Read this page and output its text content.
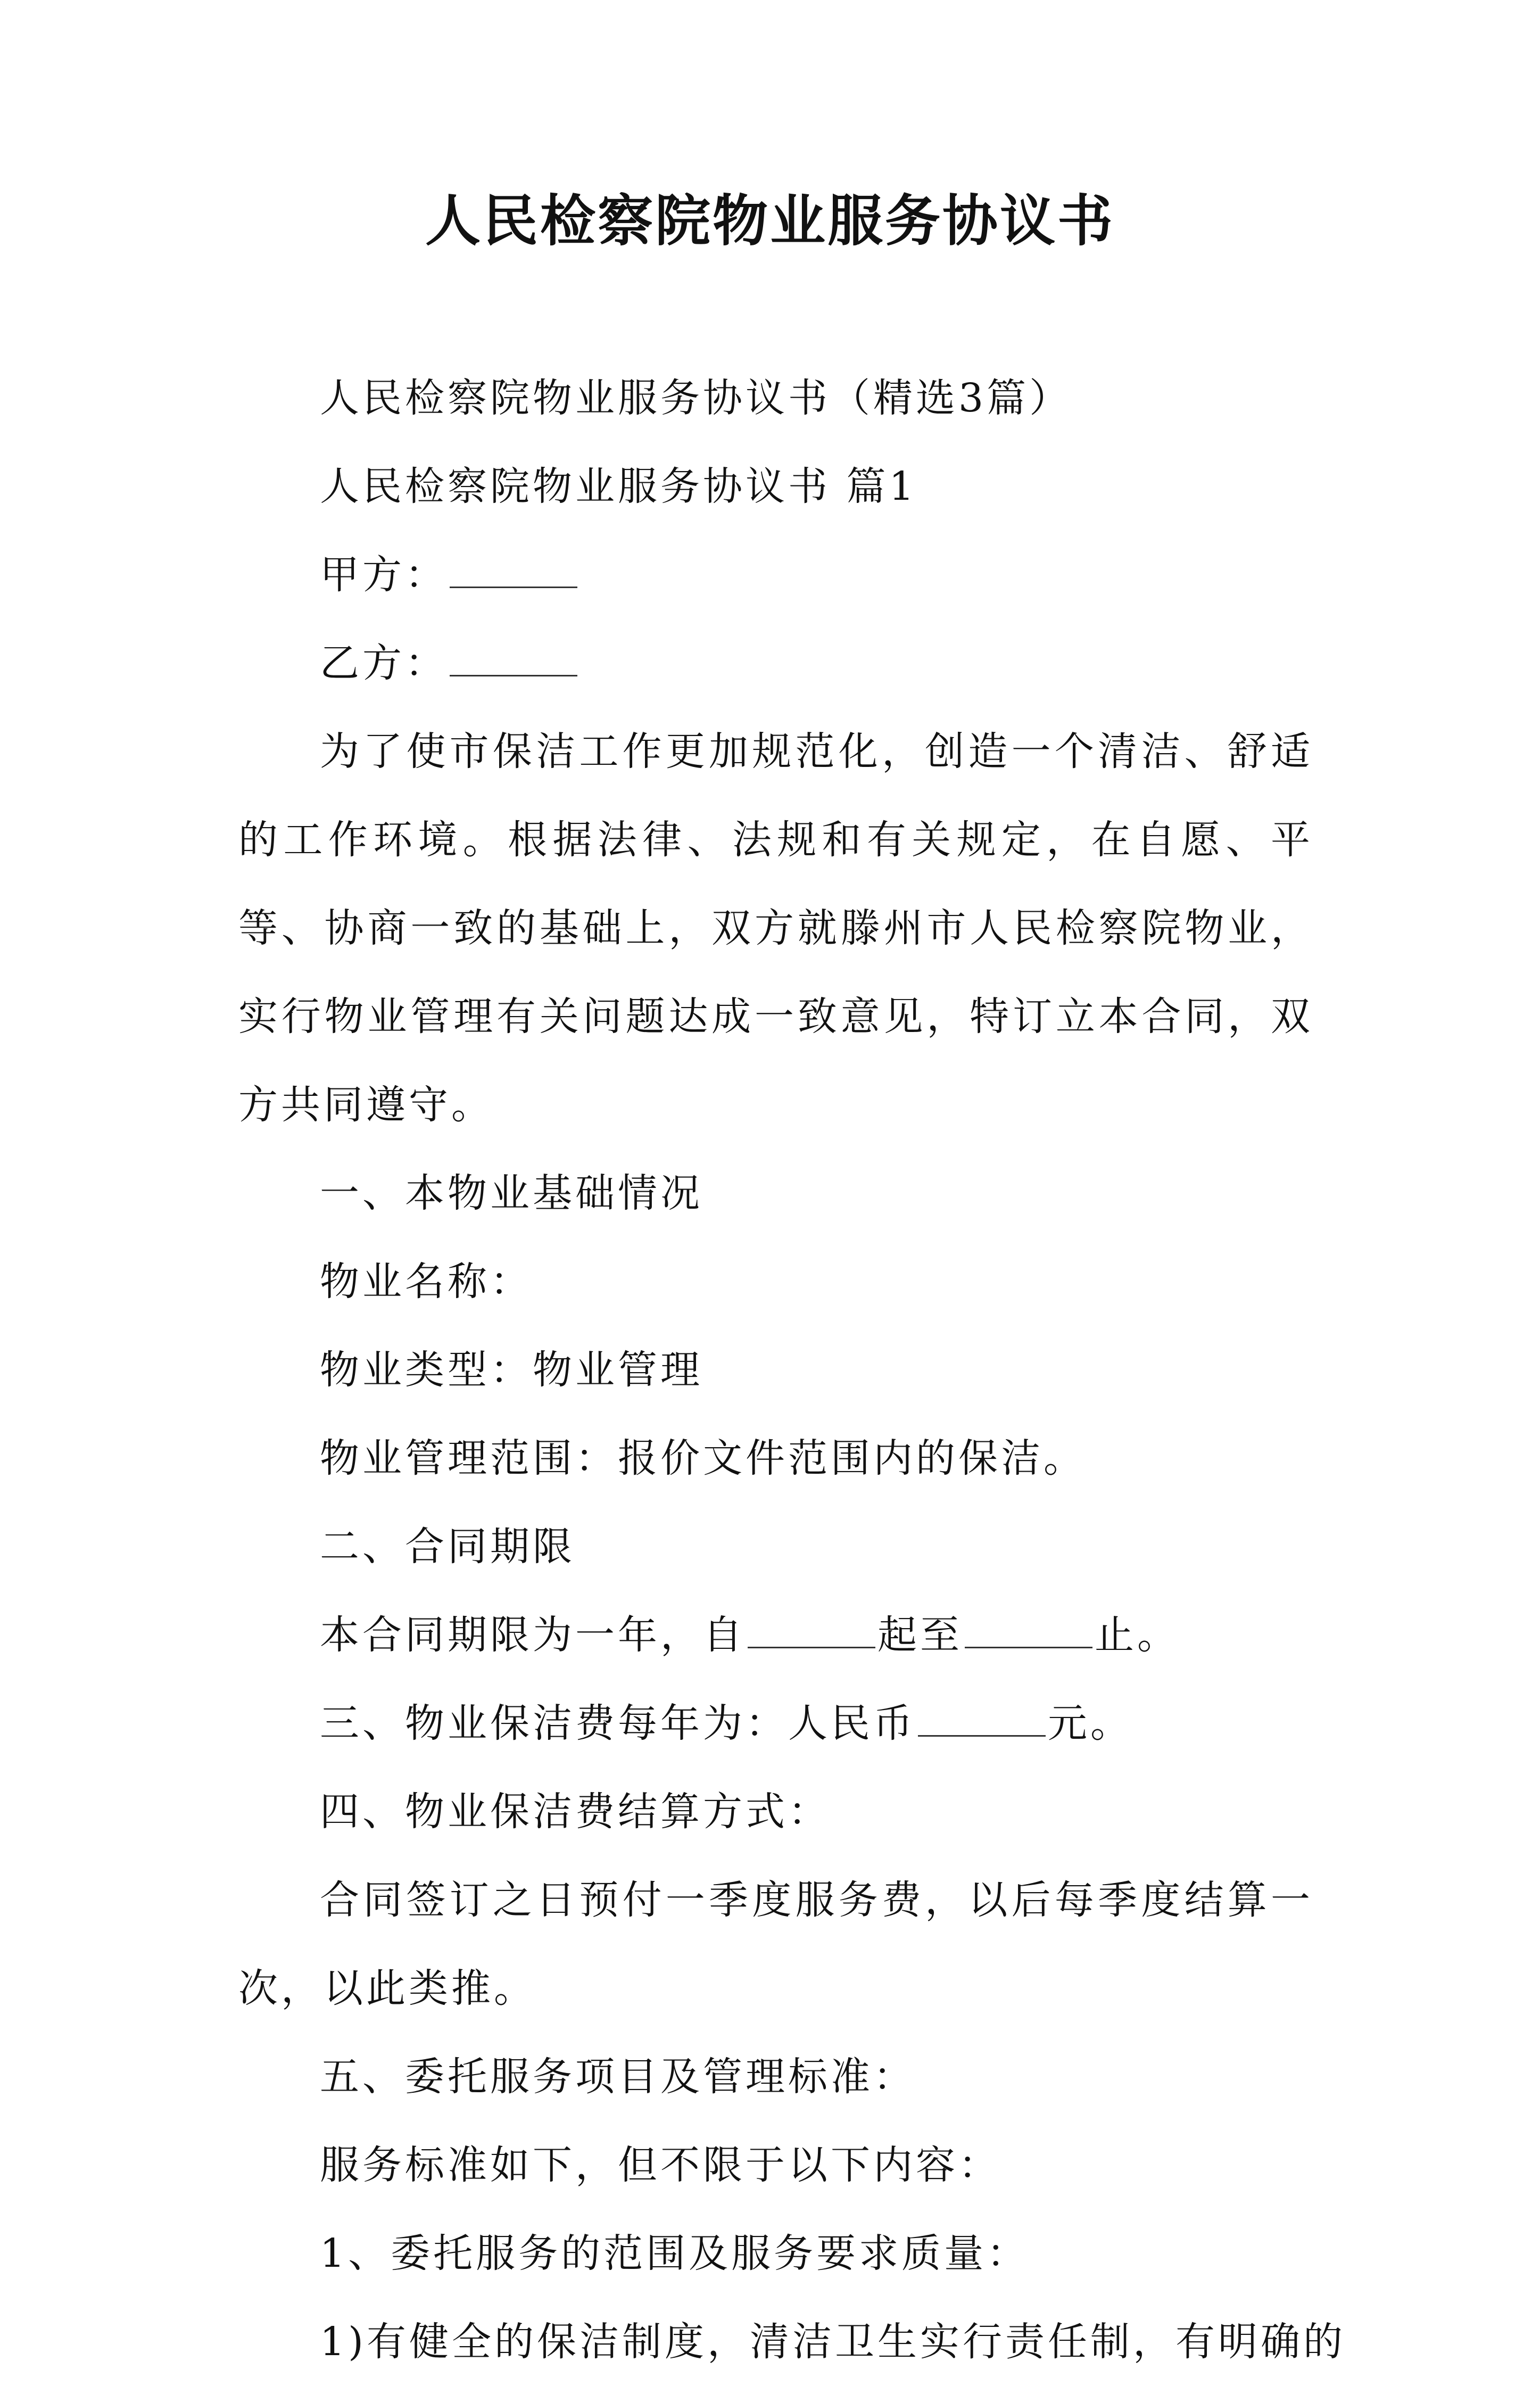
人民检察院物业服务协议书

人民检察院物业服务协议书（精选3篇）

人民检察院物业服务协议书 篇1

甲方：

乙方：

为了使市保洁工作更加规范化，创造一个清洁、舒适的工作环境。根据法律、法规和有关规定，在自愿、平等、协商一致的基础上，双方就滕州市人民检察院物业，实行物业管理有关问题达成一致意见，特订立本合同，双方共同遵守。

一、本物业基础情况

物业名称：

物业类型：物业管理

物业管理范围：报价文件范围内的保洁。

二、合同期限

本合同期限为一年，自	起至	止。

三、物业保洁费每年为：人民币	元。

四、物业保洁费结算方式：

合同签订之日预付一季度服务费，以后每季度结算一次，以此类推。

五、委托服务项目及管理标准：

服务标准如下，但不限于以下内容：

1、委托服务的范围及服务要求质量：

1)有健全的保洁制度，清洁卫生实行责任制，有明确的
